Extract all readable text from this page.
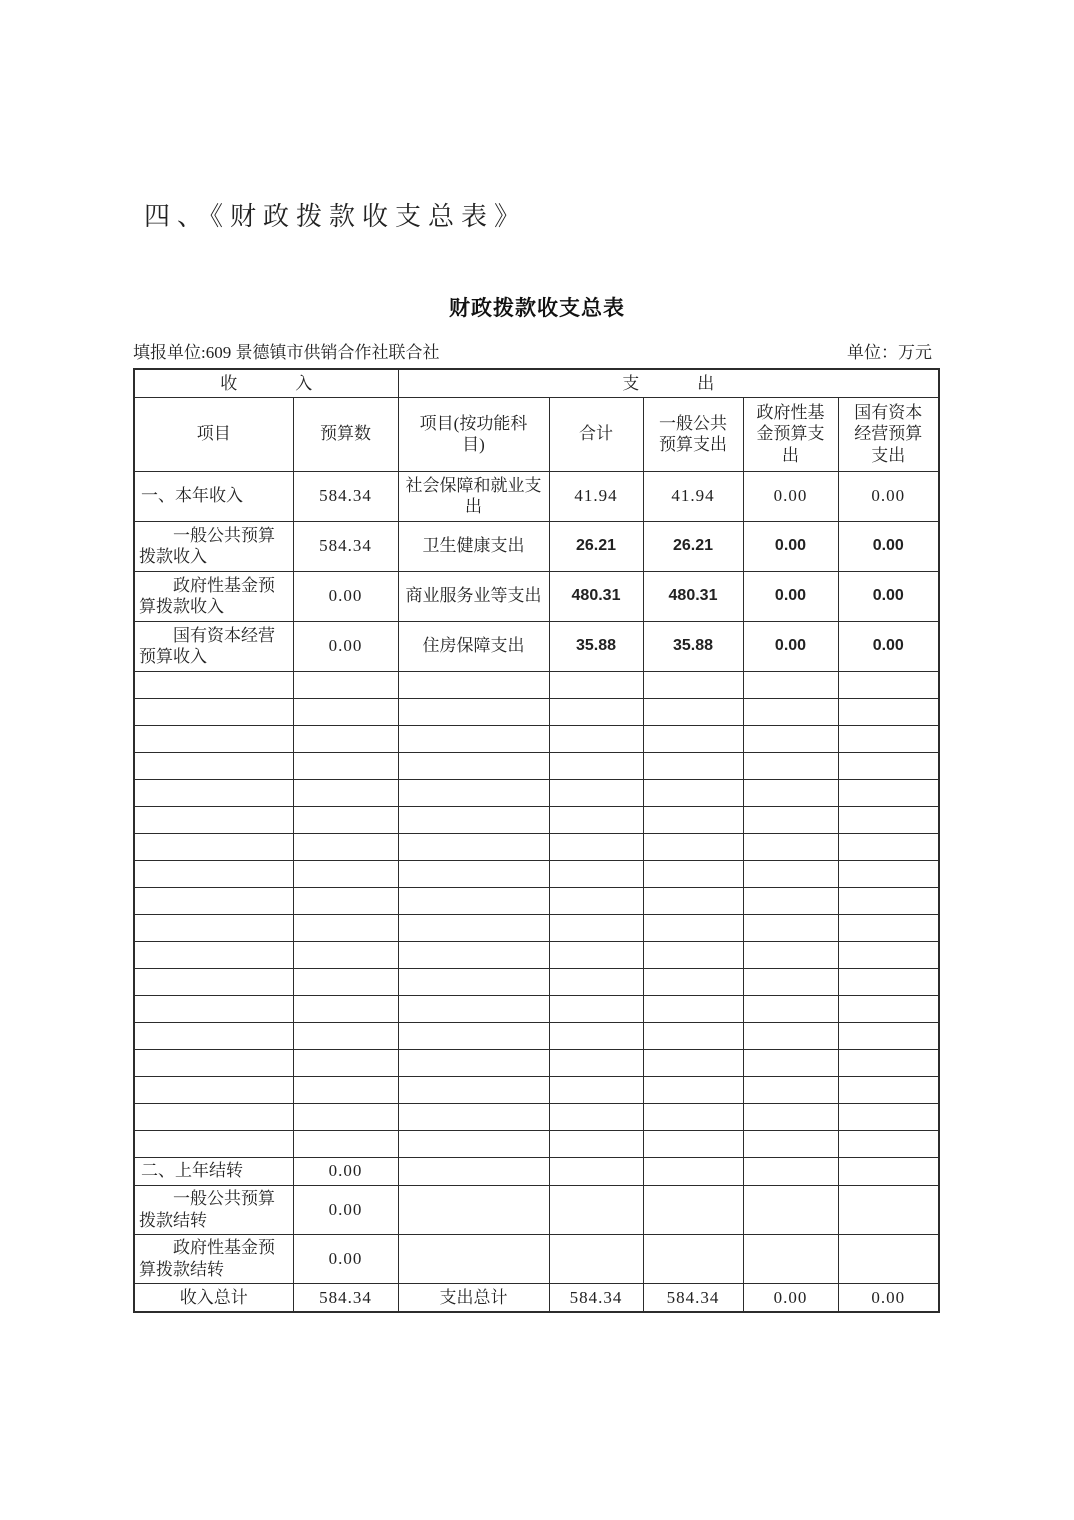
四、《财政拨款收支总表》
财政拨款收支总表
填报单位:609 景德镇市供销合作社联合社	单位：万元
收 入		支 出				

项目	预算数	项目(按功能科目)	合计	一般公共预算支出	政府性基金预算支出	国有资本经营预算支出
一、本年收入	584.34	社会保障和就业支出	41.94	41.94	0.00	0.00
一般公共预算拨款收入	584.34	卫生健康支出	26.21	26.21	0.00	0.00
政府性基金预算拨款收入	0.00	商业服务业等支出	480.31	480.31	0.00	0.00
国有资本经营预算收入	0.00	住房保障支出	35.88	35.88	0.00	0.00

二、上年结转	0.00					
一般公共预算拨款结转	0.00					
政府性基金预算拨款结转	0.00					
收入总计	584.34	支出总计	584.34	584.34	0.00	0.00
